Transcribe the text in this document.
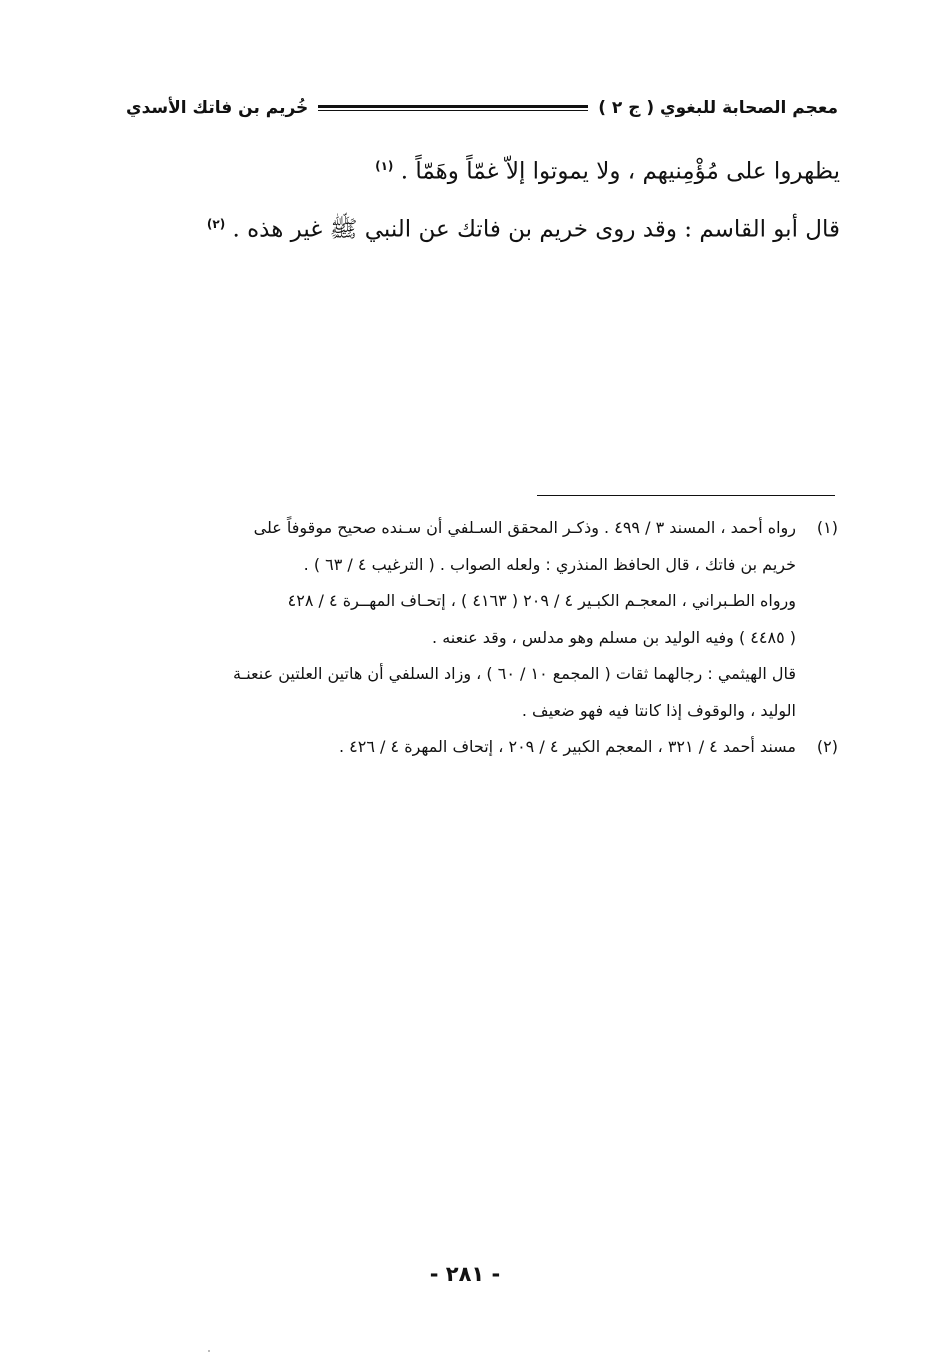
معجم الصحابة للبغوي ( ج ٢ )
خُريم بن فاتك الأسدي
يظهروا على مُؤْمِنيهم ، ولا يموتوا إلاّ غمّاً وهَمّاً . $^{(١)}$
قال أبو القاسم : وقد روى خريم بن فاتك عن النبي ﷺ غير هذه . $^{(٢)}$
(١)
رواه أحمد ، المسند ٣ / ٤٩٩ . وذكـر المحقق السـلفي أن سـنده صحيح موقوفاً على
خريم بن فاتك ، قال الحافظ المنذري : ولعله الصواب . ( الترغيب ٤ / ٦٣ ) .
ورواه الطـبراني ، المعجـم الكبـير ٤ / ٢٠٩ ( ٤١٦٣ ) ، إتحـاف المهــرة ٤ / ٤٢٨
( ٤٤٨٥ ) وفيه الوليد بن مسلم وهو مدلس ، وقد عنعنه .
قال الهيثمي : رجالهما ثقات ( المجمع ١٠ / ٦٠ ) ، وزاد السلفي أن هاتين العلتين عنعنـة
الوليد ، والوقوف إذا كانتا فيه فهو ضعيف .
(٢)
مسند أحمد ٤ / ٣٢١ ، المعجم الكبير ٤ / ٢٠٩ ، إتحاف المهرة ٤ / ٤٢٦ .
- ٢٨١ -
